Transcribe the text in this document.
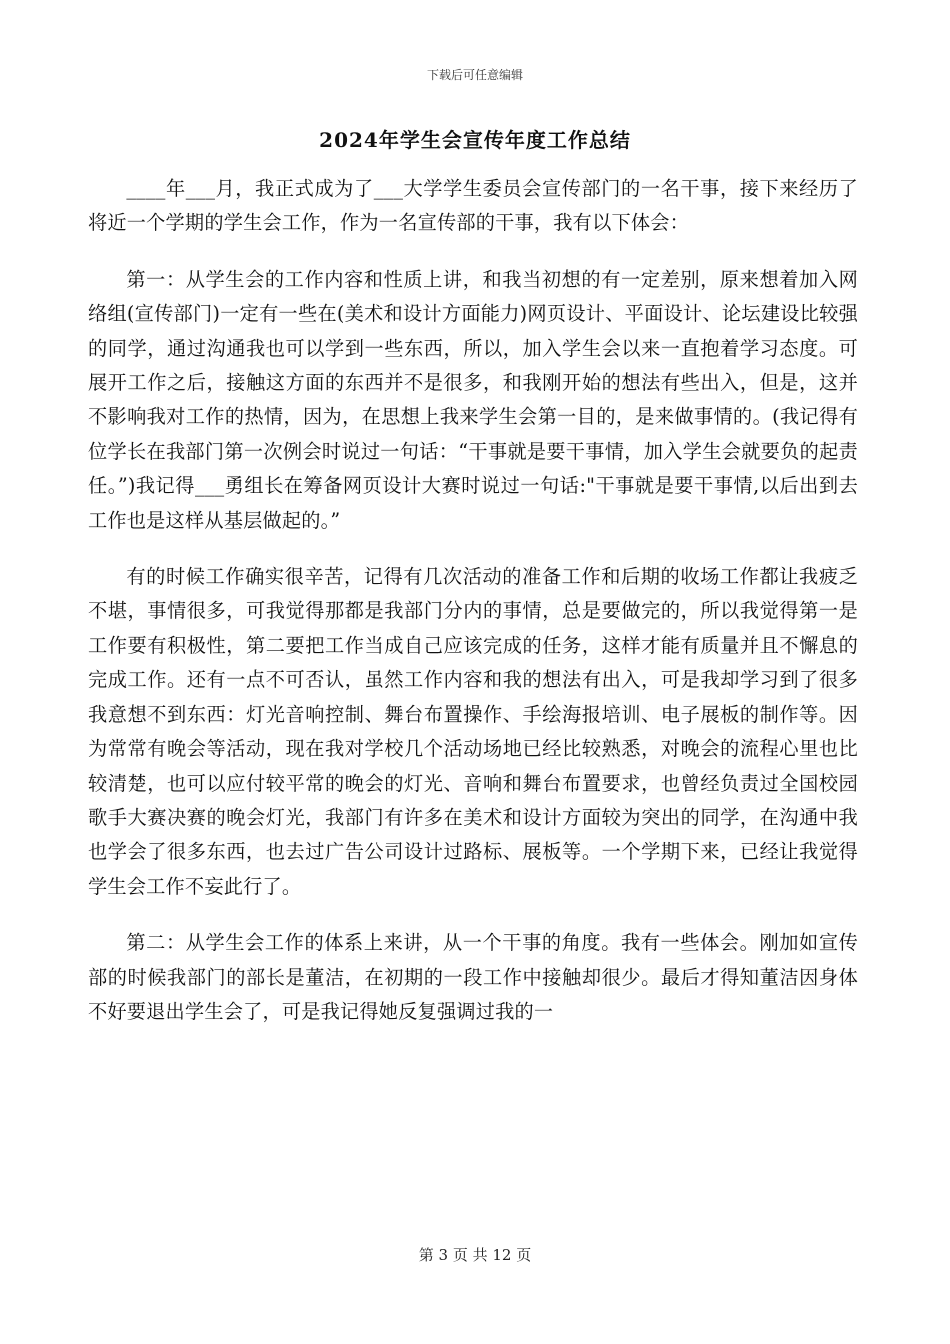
下载后可任意编辑
2024年学生会宣传年度工作总结

____年___月，我正式成为了___大学学生委员会宣传部门的一名干事，接下来经历了将近一个学期的学生会工作，作为一名宣传部的干事，我有以下体会：

第一：从学生会的工作内容和性质上讲，和我当初想的有一定差别，原来想着加入网络组(宣传部门)一定有一些在(美术和设计方面能力)网页设计、平面设计、论坛建设比较强的同学，通过沟通我也可以学到一些东西，所以，加入学生会以来一直抱着学习态度。可展开工作之后，接触这方面的东西并不是很多，和我刚开始的想法有些出入，但是，这并不影响我对工作的热情，因为，在思想上我来学生会第一目的，是来做事情的。(我记得有位学长在我部门第一次例会时说过一句话：“干事就是要干事情，加入学生会就要负的起责任。”)我记得___勇组长在筹备网页设计大赛时说过一句话:"干事就是要干事情,以后出到去工作也是这样从基层做起的。”

有的时候工作确实很辛苦，记得有几次活动的准备工作和后期的收场工作都让我疲乏不堪，事情很多，可我觉得那都是我部门分内的事情，总是要做完的，所以我觉得第一是工作要有积极性，第二要把工作当成自己应该完成的任务，这样才能有质量并且不懈息的完成工作。还有一点不可否认，虽然工作内容和我的想法有出入，可是我却学习到了很多我意想不到东西：灯光音响控制、舞台布置操作、手绘海报培训、电子展板的制作等。因为常常有晚会等活动，现在我对学校几个活动场地已经比较熟悉，对晚会的流程心里也比较清楚，也可以应付较平常的晚会的灯光、音响和舞台布置要求，也曾经负责过全国校园歌手大赛决赛的晚会灯光，我部门有许多在美术和设计方面较为突出的同学，在沟通中我也学会了很多东西，也去过广告公司设计过路标、展板等。一个学期下来，已经让我觉得学生会工作不妄此行了。

第二：从学生会工作的体系上来讲，从一个干事的角度。我有一些体会。刚加如宣传部的时候我部门的部长是董洁，在初期的一段工作中接触却很少。最后才得知董洁因身体不好要退出学生会了，可是我记得她反复强调过我的一

第 3 页 共 12 页
